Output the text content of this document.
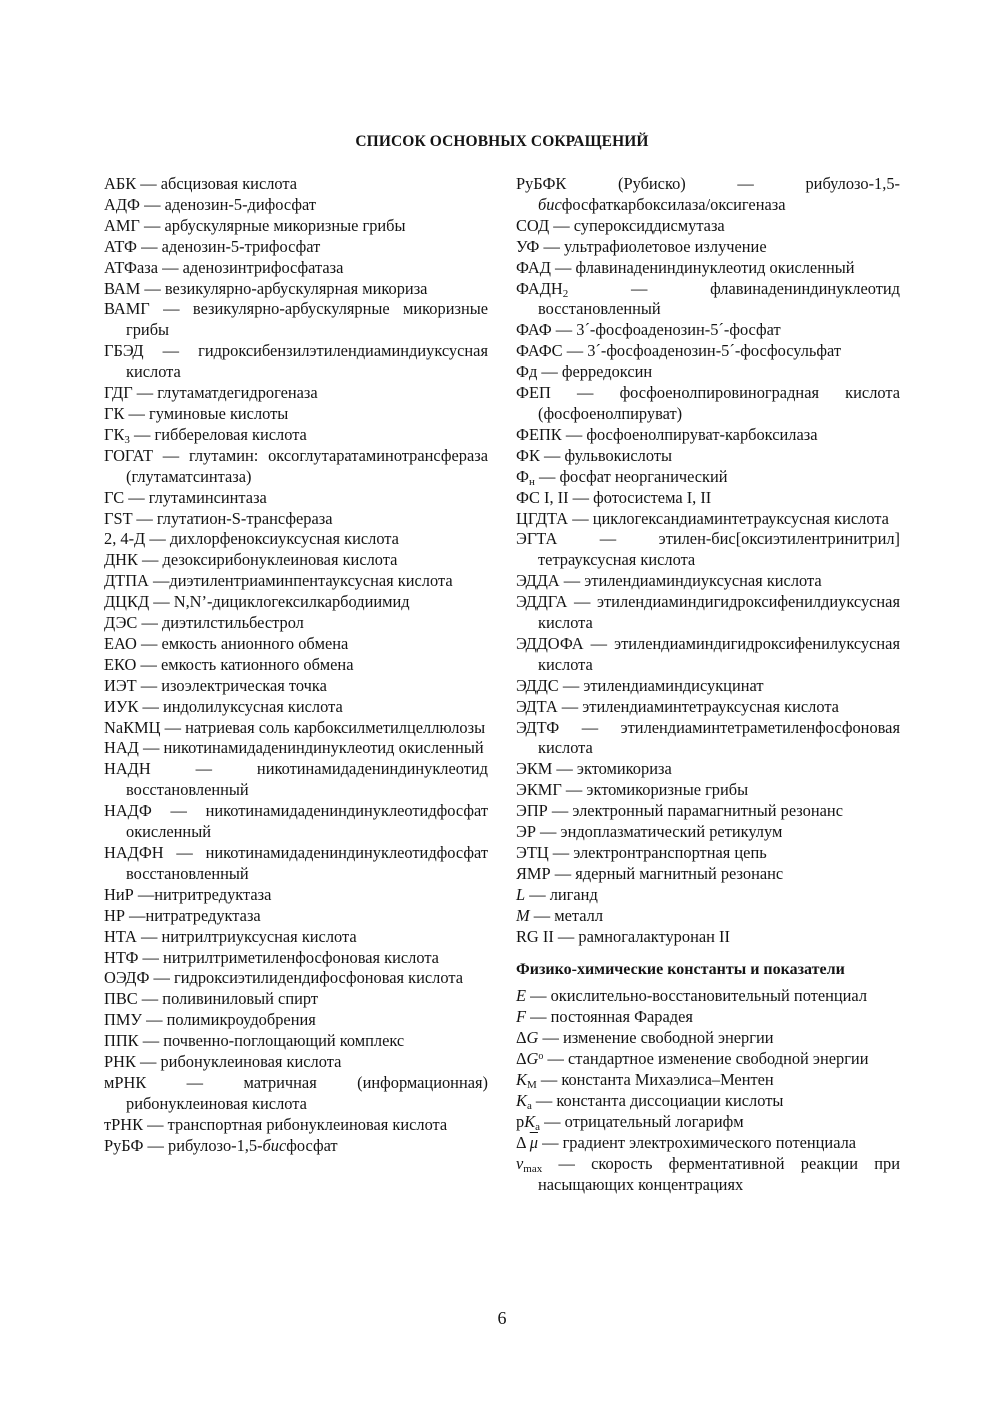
СПИСОК ОСНОВНЫХ СОКРАЩЕНИЙ

АБК — абсцизовая кислота

АДФ — аденозин-5-дифосфат

АМГ — арбускулярные микоризные грибы

АТФ — аденозин-5-трифосфат

АТФаза — аденозинтрифосфатаза

ВАМ — везикулярно-арбускулярная микориза

ВАМГ — везикулярно-арбускулярные микоризные грибы

ГБЭД — гидроксибензилэтилендиаминдиуксусная кислота

ГДГ — глутаматдегидрогеназа

ГК — гуминовые кислоты

$ГК_3$ — гиббереловая кислота

ГОГАТ — глутамин: оксоглутаратаминотрансфераза (глутаматсинтаза)

ГС — глутаминсинтаза

ГST — глутатион-S-трансфераза

2, 4-Д — дихлорфеноксиуксусная кислота

ДНК — дезоксирибонуклеиновая кислота

ДТПА —диэтилентриаминпентауксусная кислота

ДЦКД — N,N’-дициклогексилкарбодиимид

ДЭС — диэтилстильбестрол

ЕАО — емкость анионного обмена

ЕКО — емкость катионного обмена

ИЭТ — изоэлектрическая точка

ИУК — индолилуксусная кислота

NaКМЦ — натриевая соль карбоксилметилцеллюлозы

НАД — никотинамидадениндинуклеотид окисленный

НАДН — никотинамидадениндинуклеотид восстановленный

НАДФ — никотинамидадениндинуклеотидфосфат окисленный

НАДФН — никотинамидадениндинуклеотидфосфат восстановленный

НиР —нитритредуктаза

НР —нитратредуктаза

НТА — нитрилтриуксусная кислота

НТФ — нитрилтриметиленфосфоновая кислота

ОЭДФ — гидроксиэтилидендифосфоновая кислота

ПВС — поливиниловый спирт

ПМУ — полимикроудобрения

ППК — почвенно-поглощающий комплекс

РНК — рибонуклеиновая кислота

мРНК — матричная (информационная) рибонуклеиновая кислота

тРНК — транспортная рибонуклеиновая кислота

РуБФ — рибулозо-1,5-бисфосфат

РуБФК (Рубиско) — рибулозо-1,5-бисфосфаткарбоксилаза/оксигеназа

СОД — супероксиддисмутаза

УФ — ультрафиолетовое излучение

ФАД — флавинадениндинуклеотид окисленный

$ФАДН_2$ — флавинадениндинуклеотид восстановленный

ФАФ — 3´-фосфоаденозин-5´-фосфат

ФАФС — 3´-фосфоаденозин-5´-фосфосульфат

Фд — ферредоксин

ФЕП — фосфоенолпировиноградная кислота (фосфоенолпируват)

ФЕПК — фосфоенолпируват-карбоксилаза

ФК — фульвокислоты

$Ф_н$ — фосфат неорганический

ФС I, II — фотосистема I, II

ЦГДТА — циклогександиаминтетрауксусная кислота

ЭГТА — этилен-бис[оксиэтилентринитрил] тетрауксусная кислота

ЭДДА — этилендиаминдиуксусная кислота

ЭДДГА — этилендиаминдигидроксифенилдиуксусная кислота

ЭДДОФА — этилендиаминдигидроксифенилуксусная кислота

ЭДДС — этилендиаминдисукцинат

ЭДТА — этилендиаминтетрауксусная кислота

ЭДТФ — этилендиаминтетраметиленфосфоновая кислота

ЭКМ — эктомикориза

ЭКМГ — эктомикоризные грибы

ЭПР — электронный парамагнитный резонанс

ЭР — эндоплазматический ретикулум

ЭТЦ — электронтранспортная цепь

ЯМР — ядерный магнитный резонанс

L — лиганд

M — металл

RG II — рамногалактуронан II

Физико-химические константы и показатели

E — окислительно-восстановительный потенциал

F — постоянная Фарадея

ΔG — изменение свободной энергии

$\Delta G^o$ — стандартное изменение свободной энергии

$K_M$ — константа Михаэлиса–Ментен

$K_a$ — константа диссоциации кислоты

$pK_a$ — отрицательный логарифм

Δ $\overline{\mu}$ — градиент электрохимического потенциала

$v_{max}$ — скорость ферментативной реакции при насыщающих концентрациях

6
